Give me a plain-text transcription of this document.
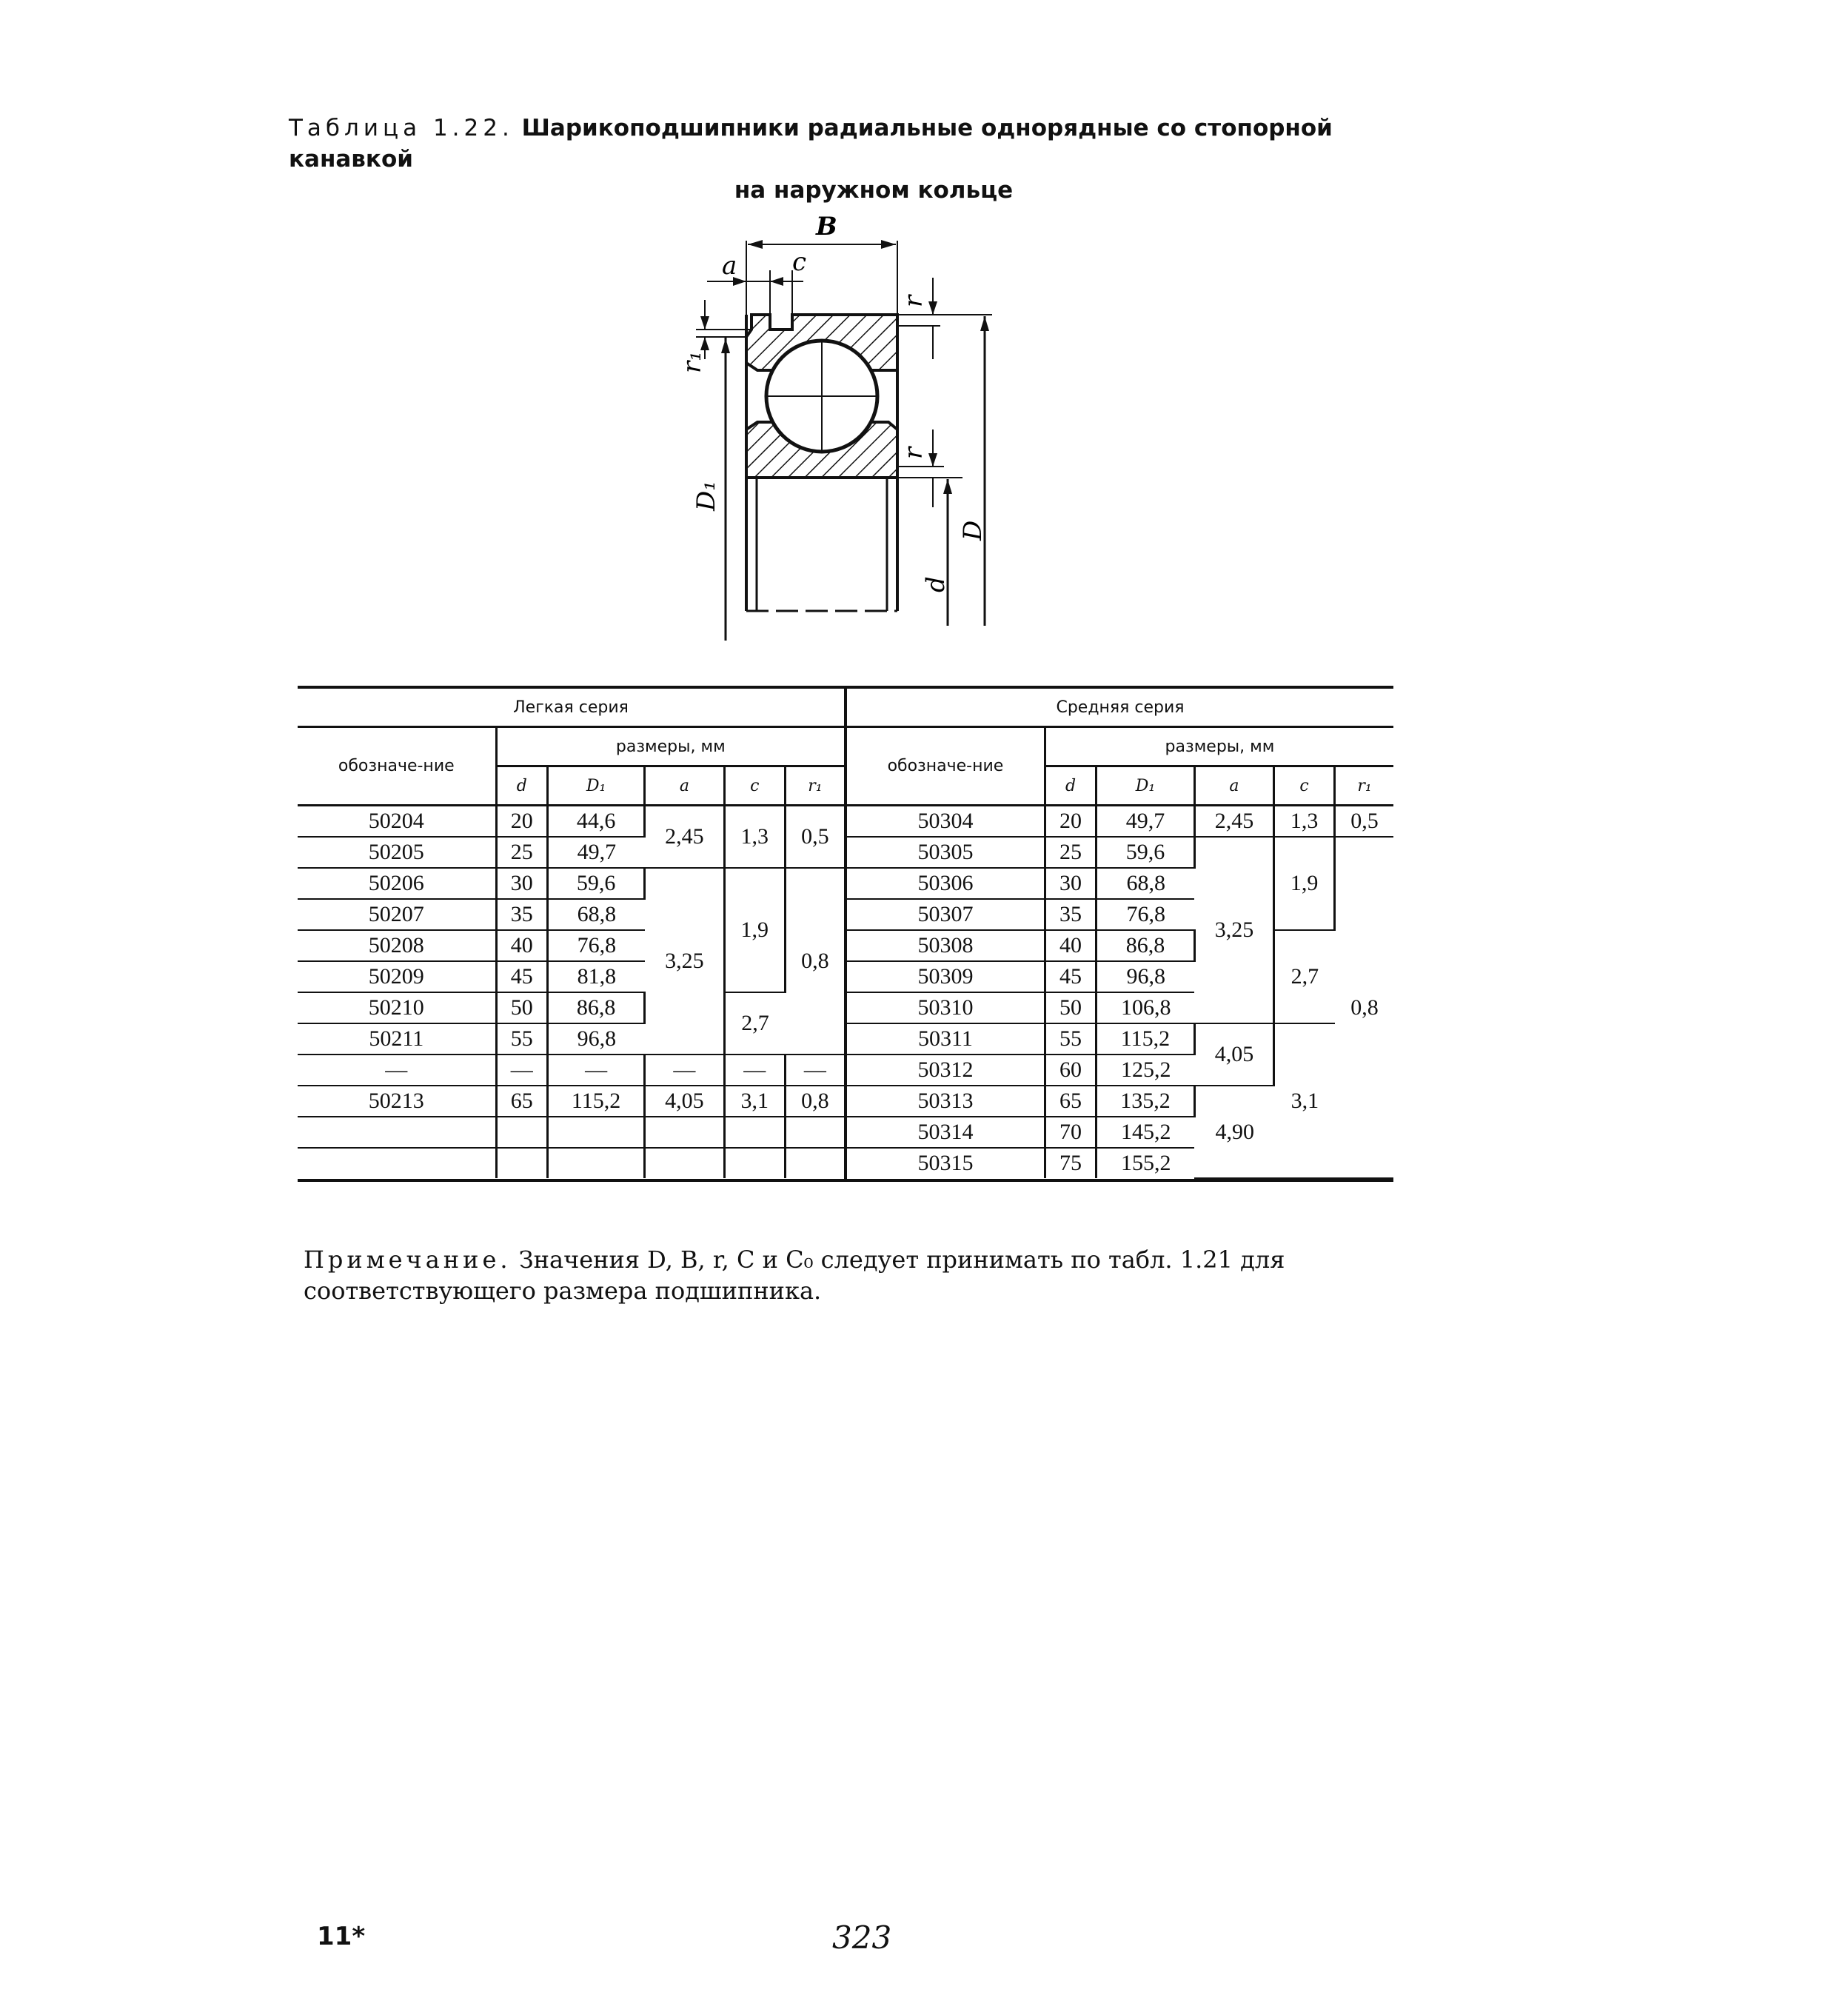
Таблица 1.22. Шарикоподшипники радиальные однорядные со стопорной канавкой
на наружном кольце
B
a c
r₁
D₁
r
r
d
D
Легкая серия					
обозначе-ние	размеры, мм				
	d	D₁	a	c	r₁
50204	20	44,6	2,45	1,3	0,5
50205	25	49,7			
50206	30	59,6	3,25	1,9	0,8
50207	35	68,8			
50208	40	76,8			
50209	45	81,8			
50210	50	86,8		2,7	
50211	55	96,8			
—	—	—	—	—	—
50213	65	115,2	4,05	3,1	0,8

Средняя серия					
обозначе-ние	размеры, мм				
	d	D₁	a	c	r₁
50304	20	49,7	2,45	1,3	0,5
50305	25	59,6	3,25	1,9	0,8
50306	30	68,8			
50307	35	76,8			
50308	40	86,8		2,7	
50309	45	96,8			
50310	50	106,8			
50311	55	115,2	4,05	3,1	
50312	60	125,2			
50313	65	135,2	4,90		
50314	70	145,2			
50315	75	155,2			

Примечание. Значения D, B, r, C и C₀ следует принимать по табл. 1.21 для соответствующего размера подшипника.

11*	323
